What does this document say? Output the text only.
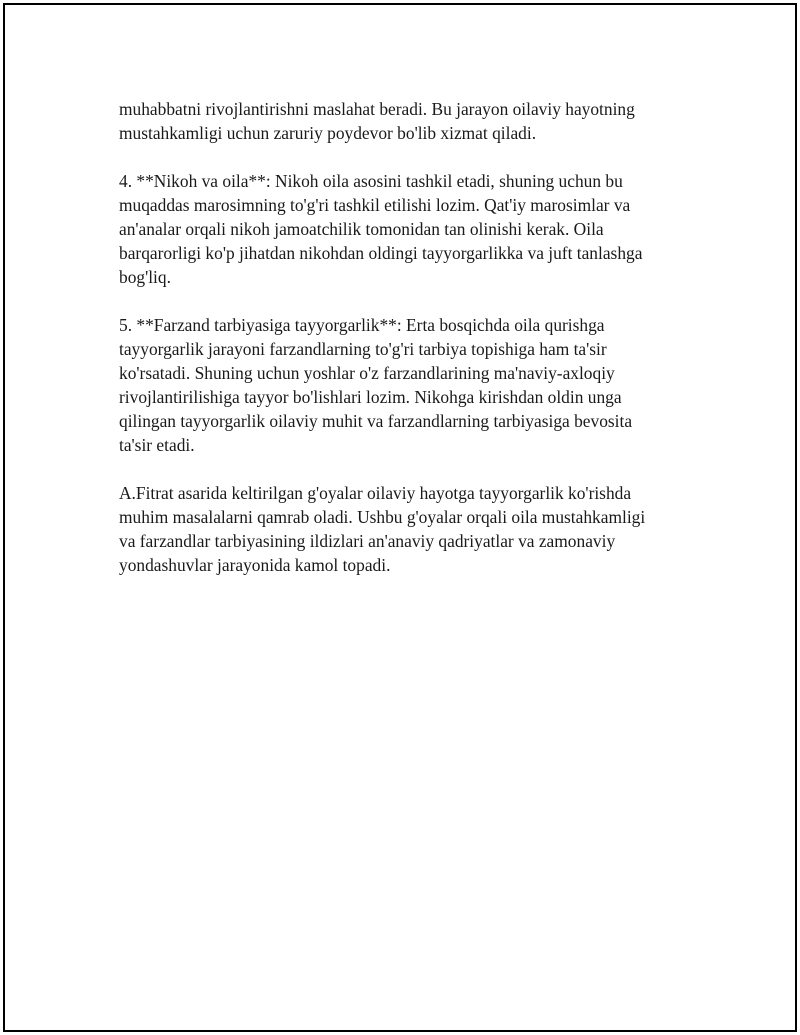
muhabbatni rivojlantirishni maslahat beradi. Bu jarayon oilaviy hayotning
mustahkamligi uchun zaruriy poydevor bo'lib xizmat qiladi.

4. **Nikoh va oila**: Nikoh oila asosini tashkil etadi, shuning uchun bu
muqaddas marosimning to'g'ri tashkil etilishi lozim. Qat'iy marosimlar va
an'analar orqali nikoh jamoatchilik tomonidan tan olinishi kerak. Oila
barqarorligi ko'p jihatdan nikohdan oldingi tayyorgarlikka va juft tanlashga
bog'liq.

5. **Farzand tarbiyasiga tayyorgarlik**: Erta bosqichda oila qurishga
tayyorgarlik jarayoni farzandlarning to'g'ri tarbiya topishiga ham ta'sir
ko'rsatadi. Shuning uchun yoshlar o'z farzandlarining ma'naviy-axloqiy
rivojlantirilishiga tayyor bo'lishlari lozim. Nikohga kirishdan oldin unga
qilingan tayyorgarlik oilaviy muhit va farzandlarning tarbiyasiga bevosita
ta'sir etadi.

A.Fitrat asarida keltirilgan g'oyalar oilaviy hayotga tayyorgarlik ko'rishda
muhim masalalarni qamrab oladi. Ushbu g'oyalar orqali oila mustahkamligi
va farzandlar tarbiyasining ildizlari an'anaviy qadriyatlar va zamonaviy
yondashuvlar jarayonida kamol topadi.
